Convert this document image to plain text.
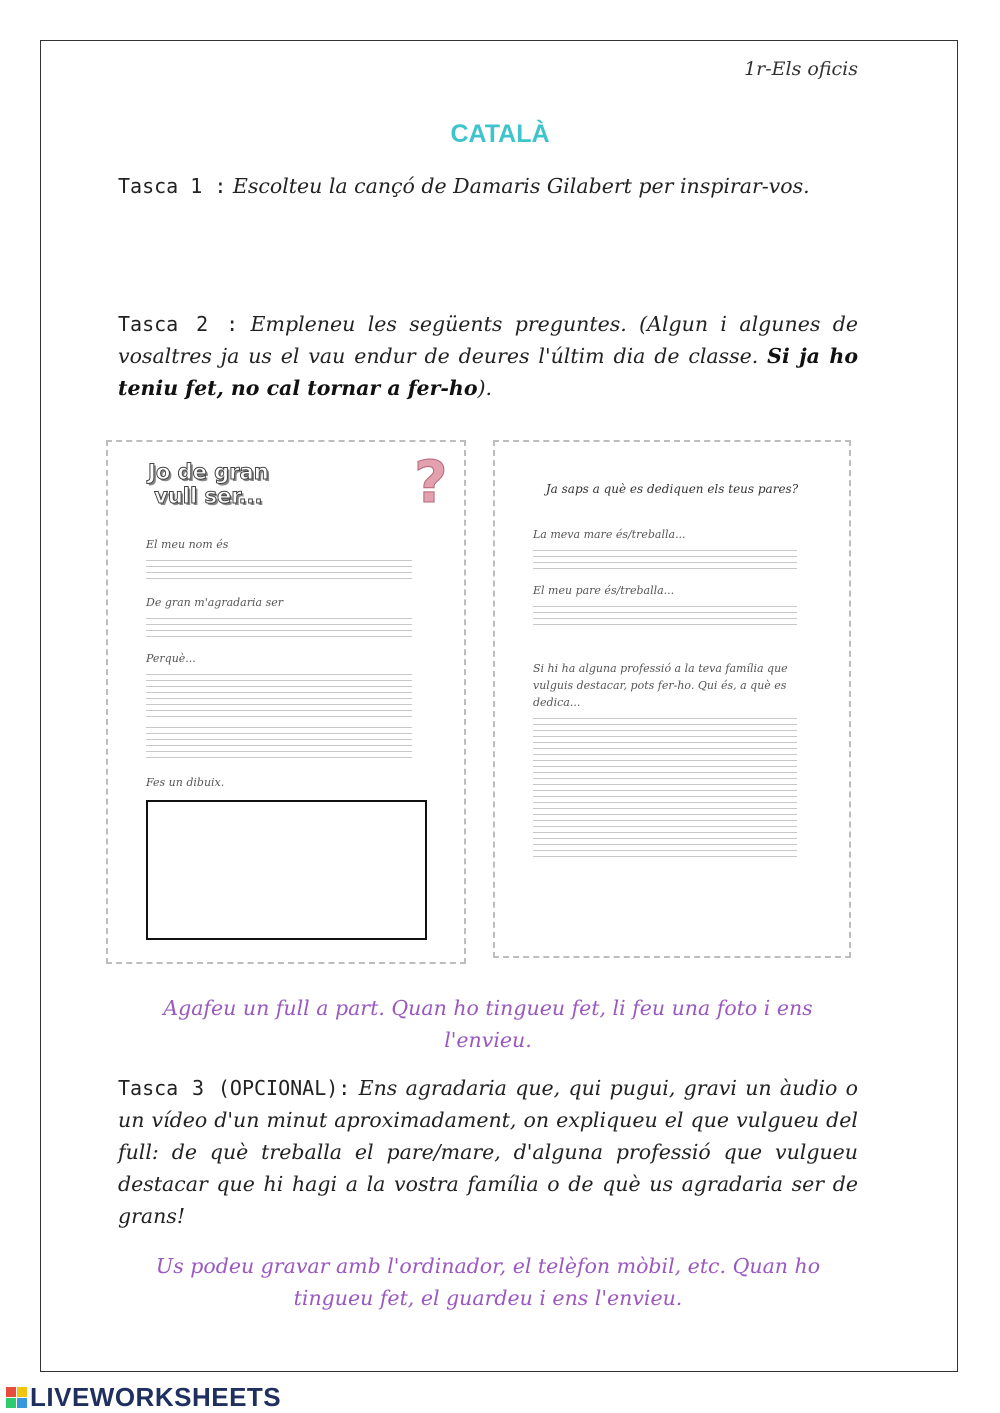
1r-Els oficis
CATALÀ
Tasca 1 : Escolteu la cançó de Damaris Gilabert per inspirar-vos.
Tasca 2 : Empleneu les següents preguntes. (Algun i algunes de vosaltres ja us el vau endur de deures l'últim dia de classe. Si ja ho teniu fet, no cal tornar a fer-ho).
Jo de gran
vull ser...	?
El meu nom és
De gran m'agradaria ser
Perquè...
Fes un dibuix.
Ja saps a què es dediquen els teus pares?
La meva mare és/treballa...
El meu pare és/treballa...
Si hi ha alguna professió a la teva família que vulguis destacar, pots fer-ho. Qui és, a què es dedica...
Agafeu un full a part. Quan ho tingueu fet, li feu una foto i ens l'envieu.
Tasca 3 (OPCIONAL): Ens agradaria que, qui pugui, gravi un àudio o un vídeo d'un minut aproximadament, on expliqueu el que vulgueu del full: de què treballa el pare/mare, d'alguna professió que vulgueu destacar que hi hagi a la vostra família o de què us agradaria ser de grans!
Us podeu gravar amb l'ordinador, el telèfon mòbil, etc. Quan ho tingueu fet, el guardeu i ens l'envieu.
LIVEWORKSHEETS
